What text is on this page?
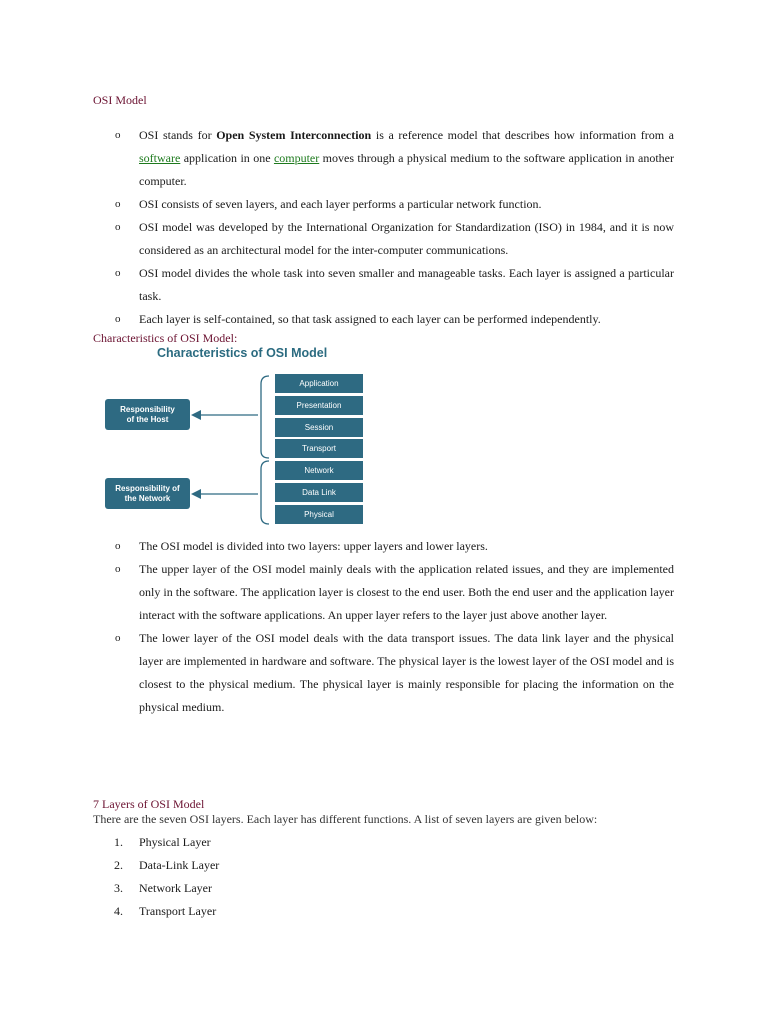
OSI Model
o OSI stands for Open System Interconnection is a reference model that describes how information from a software application in one computer moves through a physical medium to the software application in another computer.
o OSI consists of seven layers, and each layer performs a particular network function.
o OSI model was developed by the International Organization for Standardization (ISO) in 1984, and it is now considered as an architectural model for the inter-computer communications.
o OSI model divides the whole task into seven smaller and manageable tasks. Each layer is assigned a particular task.
o Each layer is self-contained, so that task assigned to each layer can be performed independently.
Characteristics of OSI Model:
Characteristics of OSI Model
Responsibility
of the Host
Responsibility of
the Network
Application
Presentation
Session
Transport
Network
Data Link
Physical
o The OSI model is divided into two layers: upper layers and lower layers.
o The upper layer of the OSI model mainly deals with the application related issues, and they are implemented only in the software. The application layer is closest to the end user. Both the end user and the application layer interact with the software applications. An upper layer refers to the layer just above another layer.
o The lower layer of the OSI model deals with the data transport issues. The data link layer and the physical layer are implemented in hardware and software. The physical layer is the lowest layer of the OSI model and is closest to the physical medium. The physical layer is mainly responsible for placing the information on the physical medium.
7 Layers of OSI Model

There are the seven OSI layers. Each layer has different functions. A list of seven layers are given below:

1. Physical Layer
2. Data-Link Layer
3. Network Layer
4. Transport Layer
